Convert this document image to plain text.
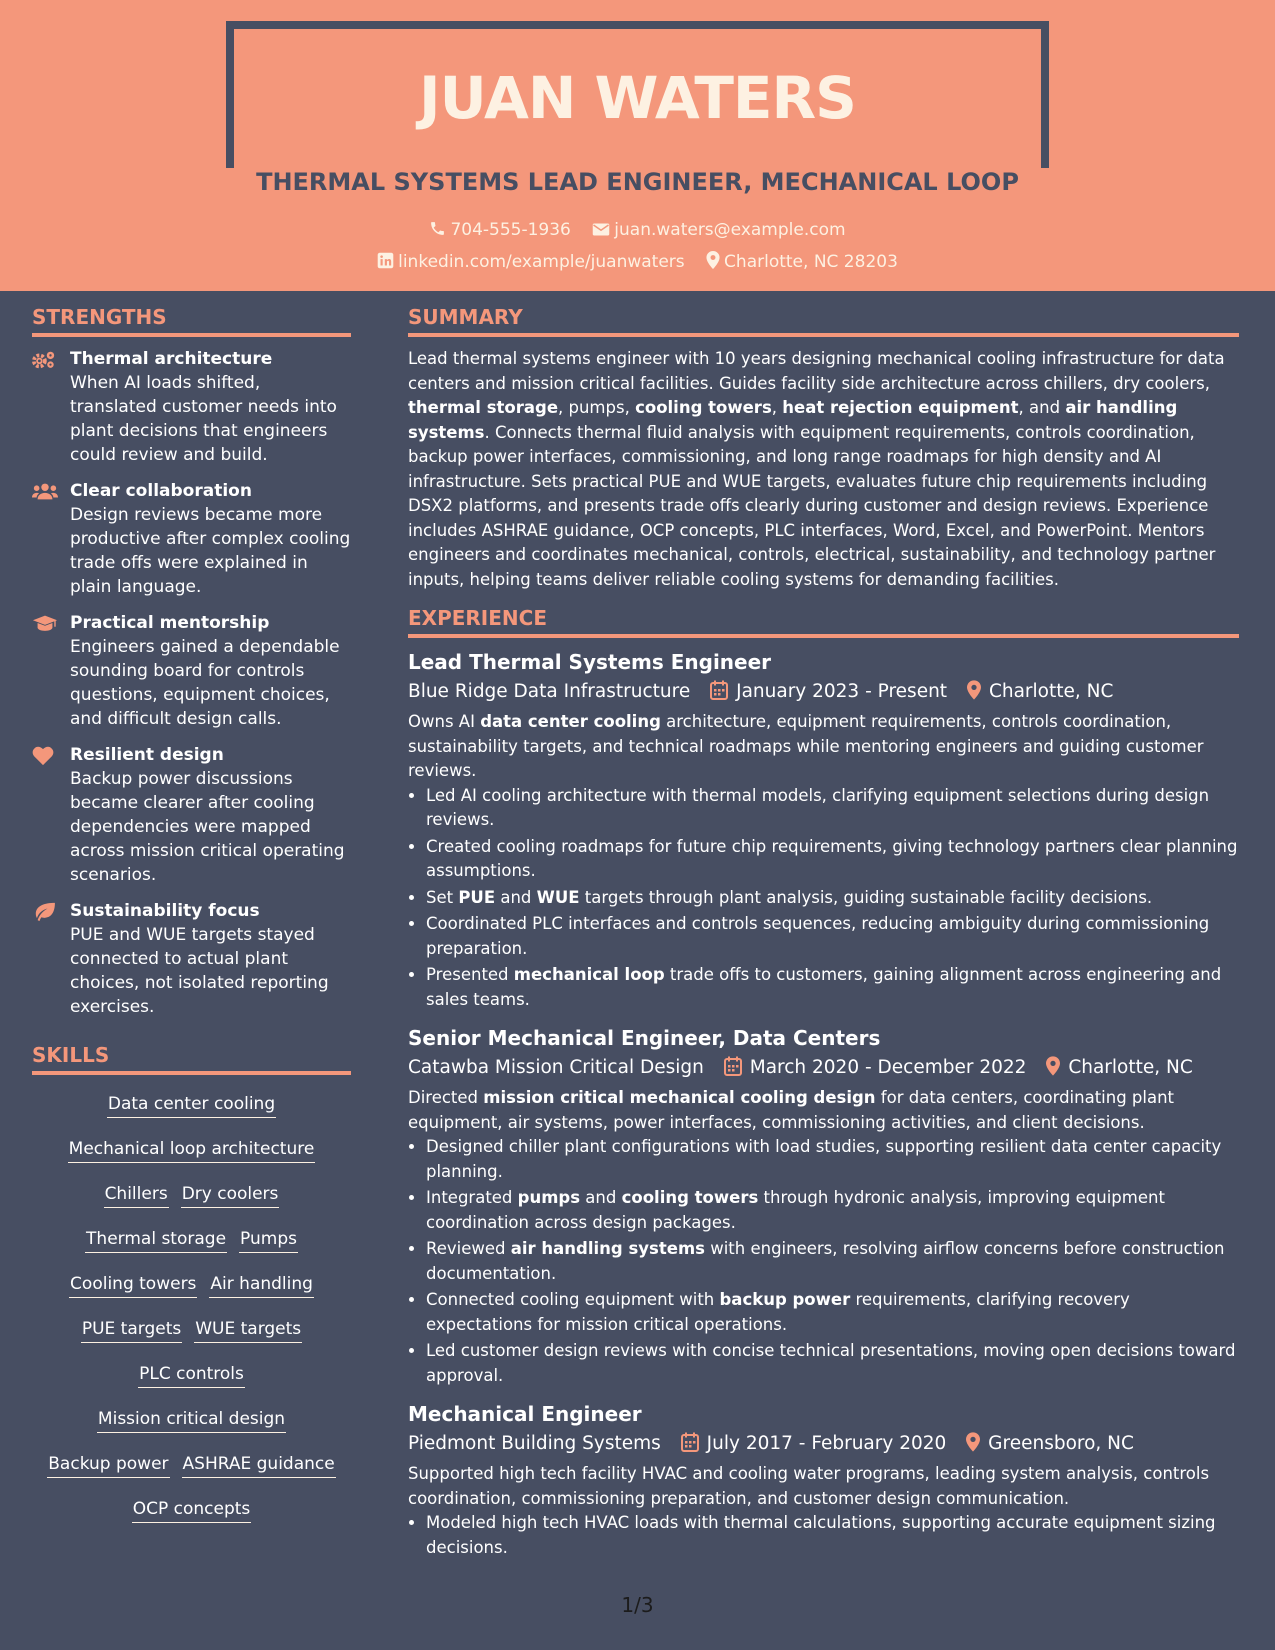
JUAN WATERS
THERMAL SYSTEMS LEAD ENGINEER, MECHANICAL LOOP
704-555-1936	juan.waters@example.com
linkedin.com/example/juanwaters Charlotte, NC 28203
STRENGTHS
Thermal architecture
When AI loads shifted, translated customer needs into plant decisions that engineers could review and build.
Clear collaboration
Design reviews became more productive after complex cooling trade offs were explained in plain language.
Practical mentorship
Engineers gained a dependable sounding board for controls questions, equipment choices, and difficult design calls.
Resilient design
Backup power discussions became clearer after cooling dependencies were mapped across mission critical operating scenarios.
Sustainability focus
PUE and WUE targets stayed connected to actual plant choices, not isolated reporting exercises.
SKILLS
Data center cooling
Mechanical loop architecture
Chillers Dry coolers
Thermal storage Pumps
Cooling towers Air handling
PUE targets WUE targets
PLC controls
Mission critical design
Backup power ASHRAE guidance
OCP concepts
SUMMARY
Lead thermal systems engineer with 10 years designing mechanical cooling infrastructure for data centers and mission critical facilities. Guides facility side architecture across chillers, dry coolers, thermal storage, pumps, cooling towers, heat rejection equipment, and air handling systems. Connects thermal fluid analysis with equipment requirements, controls coordination, backup power interfaces, commissioning, and long range roadmaps for high density and AI infrastructure. Sets practical PUE and WUE targets, evaluates future chip requirements including DSX2 platforms, and presents trade offs clearly during customer and design reviews. Experience includes ASHRAE guidance, OCP concepts, PLC interfaces, Word, Excel, and PowerPoint. Mentors engineers and coordinates mechanical, controls, electrical, sustainability, and technology partner inputs, helping teams deliver reliable cooling systems for demanding facilities.
EXPERIENCE
Lead Thermal Systems Engineer
Blue Ridge Data Infrastructure January 2023 - Present Charlotte, NC
Owns AI data center cooling architecture, equipment requirements, controls coordination, sustainability targets, and technical roadmaps while mentoring engineers and guiding customer reviews.
• Led AI cooling architecture with thermal models, clarifying equipment selections during design reviews.
• Created cooling roadmaps for future chip requirements, giving technology partners clear planning assumptions.
• Set PUE and WUE targets through plant analysis, guiding sustainable facility decisions.
• Coordinated PLC interfaces and controls sequences, reducing ambiguity during commissioning preparation.
• Presented mechanical loop trade offs to customers, gaining alignment across engineering and sales teams.
Senior Mechanical Engineer, Data Centers
Catawba Mission Critical Design March 2020 - December 2022 Charlotte, NC
Directed mission critical mechanical cooling design for data centers, coordinating plant equipment, air systems, power interfaces, commissioning activities, and client decisions.
• Designed chiller plant configurations with load studies, supporting resilient data center capacity planning.
• Integrated pumps and cooling towers through hydronic analysis, improving equipment coordination across design packages.
• Reviewed air handling systems with engineers, resolving airflow concerns before construction documentation.
• Connected cooling equipment with backup power requirements, clarifying recovery expectations for mission critical operations.
• Led customer design reviews with concise technical presentations, moving open decisions toward approval.
Mechanical Engineer
Piedmont Building Systems July 2017 - February 2020 Greensboro, NC
Supported high tech facility HVAC and cooling water programs, leading system analysis, controls coordination, commissioning preparation, and customer design communication.
• Modeled high tech HVAC loads with thermal calculations, supporting accurate equipment sizing decisions.
1/3
